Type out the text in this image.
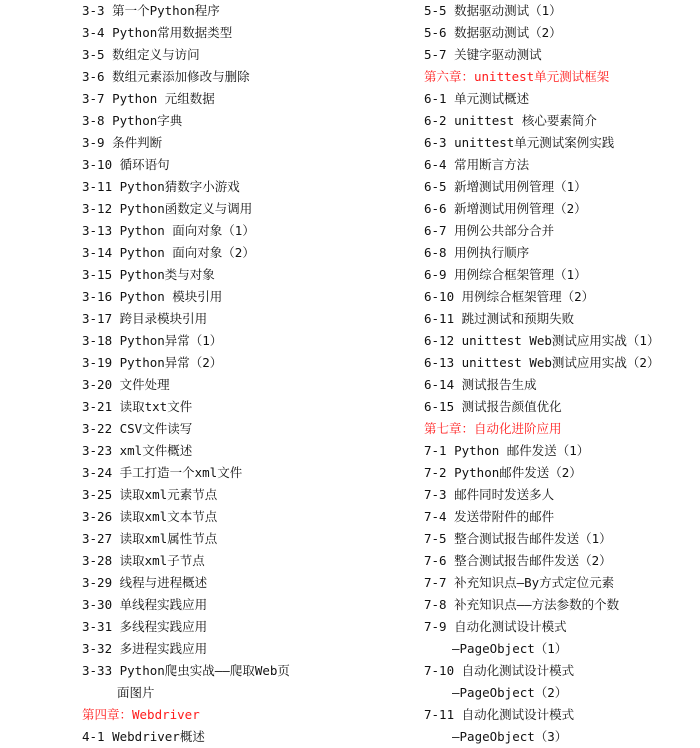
3-3 第一个Python程序
3-4 Python常用数据类型
3-5 数组定义与访问
3-6 数组元素添加修改与删除
3-7 Python 元组数据
3-8 Python字典
3-9 条件判断
3-10 循环语句
3-11 Python猜数字小游戏
3-12 Python函数定义与调用
3-13 Python 面向对象（1）
3-14 Python 面向对象（2）
3-15 Python类与对象
3-16 Python 模块引用
3-17 跨目录模块引用
3-18 Python异常（1）
3-19 Python异常（2）
3-20 文件处理
3-21 读取txt文件
3-22 CSV文件读写
3-23 xml文件概述
3-24 手工打造一个xml文件
3-25 读取xml元素节点
3-26 读取xml文本节点
3-27 读取xml属性节点
3-28 读取xml子节点
3-29 线程与进程概述
3-30 单线程实践应用
3-31 多线程实践应用
3-32 多进程实践应用
3-33 Python爬虫实战——爬取Web页
面图片
第四章：Webdriver
4-1 Webdriver概述
5-5 数据驱动测试（1）
5-6 数据驱动测试（2）
5-7 关键字驱动测试
第六章：unittest单元测试框架
6-1 单元测试概述
6-2 unittest 核心要素简介
6-3 unittest单元测试案例实践
6-4 常用断言方法
6-5 新增测试用例管理（1）
6-6 新增测试用例管理（2）
6-7 用例公共部分合并
6-8 用例执行顺序
6-9 用例综合框架管理（1）
6-10 用例综合框架管理（2）
6-11 跳过测试和预期失败
6-12 unittest Web测试应用实战（1）
6-13 unittest Web测试应用实战（2）
6-14 测试报告生成
6-15 测试报告颜值优化
第七章：自动化进阶应用
7-1 Python 邮件发送（1）
7-2 Python邮件发送（2）
7-3 邮件同时发送多人
7-4 发送带附件的邮件
7-5 整合测试报告邮件发送（1）
7-6 整合测试报告邮件发送（2）
7-7 补充知识点—By方式定位元素
7-8 补充知识点——方法参数的个数
7-9 自动化测试设计模式
—PageObject（1）
7-10 自动化测试设计模式
—PageObject（2）
7-11 自动化测试设计模式
—PageObject（3）
